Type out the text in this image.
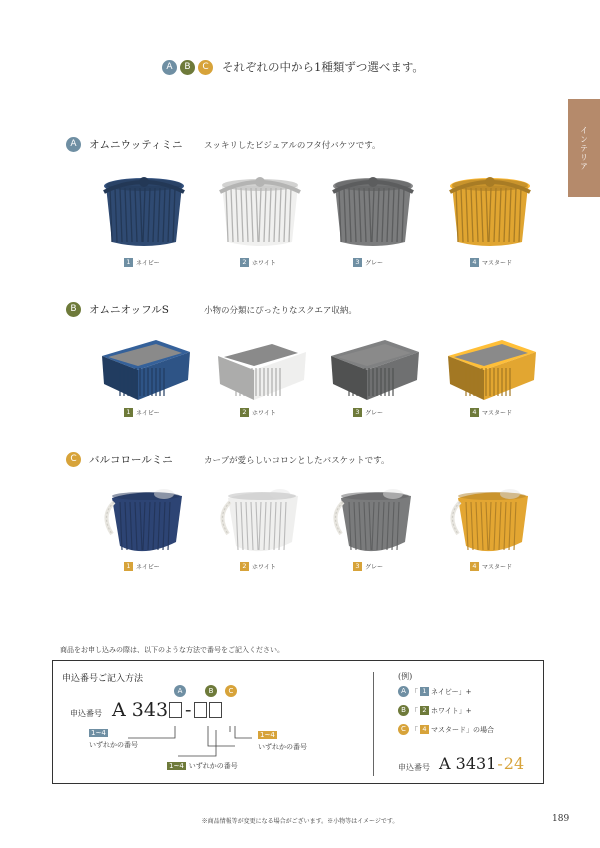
A	B	C	それぞれの中から1種類ずつ選べます。
インテリア
A	オムニウッティミニ	スッキリしたビジュアルのフタ付バケツです。
B	オムニオッフルS	小物の分類にぴったりなスクエア収納。
C	バルコロールミニ	カーブが愛らしいコロンとしたバスケットです。
1 ネイビー	2 ホワイト	3 グレー	4 マスタード
1 ネイビー	2 ホワイト	3 グレー	4 マスタード
1 ネイビー	2 ホワイト	3 グレー	4 マスタード
商品をお申し込みの際は、以下のような方法で番号をご記入ください。
申込番号ご記入方法
A	B	C
申込番号 A 343 -
1~4
いずれかの番号
1~4
いずれかの番号
1~4 いずれかの番号
(例)
A 「 1 ネイビー」+
B 「 2 ホワイト」+
C 「 4 マスタード」の場合
申込番号 A 3431-24
※商品情報等が変更になる場合がございます。※小物等はイメージです。	189
